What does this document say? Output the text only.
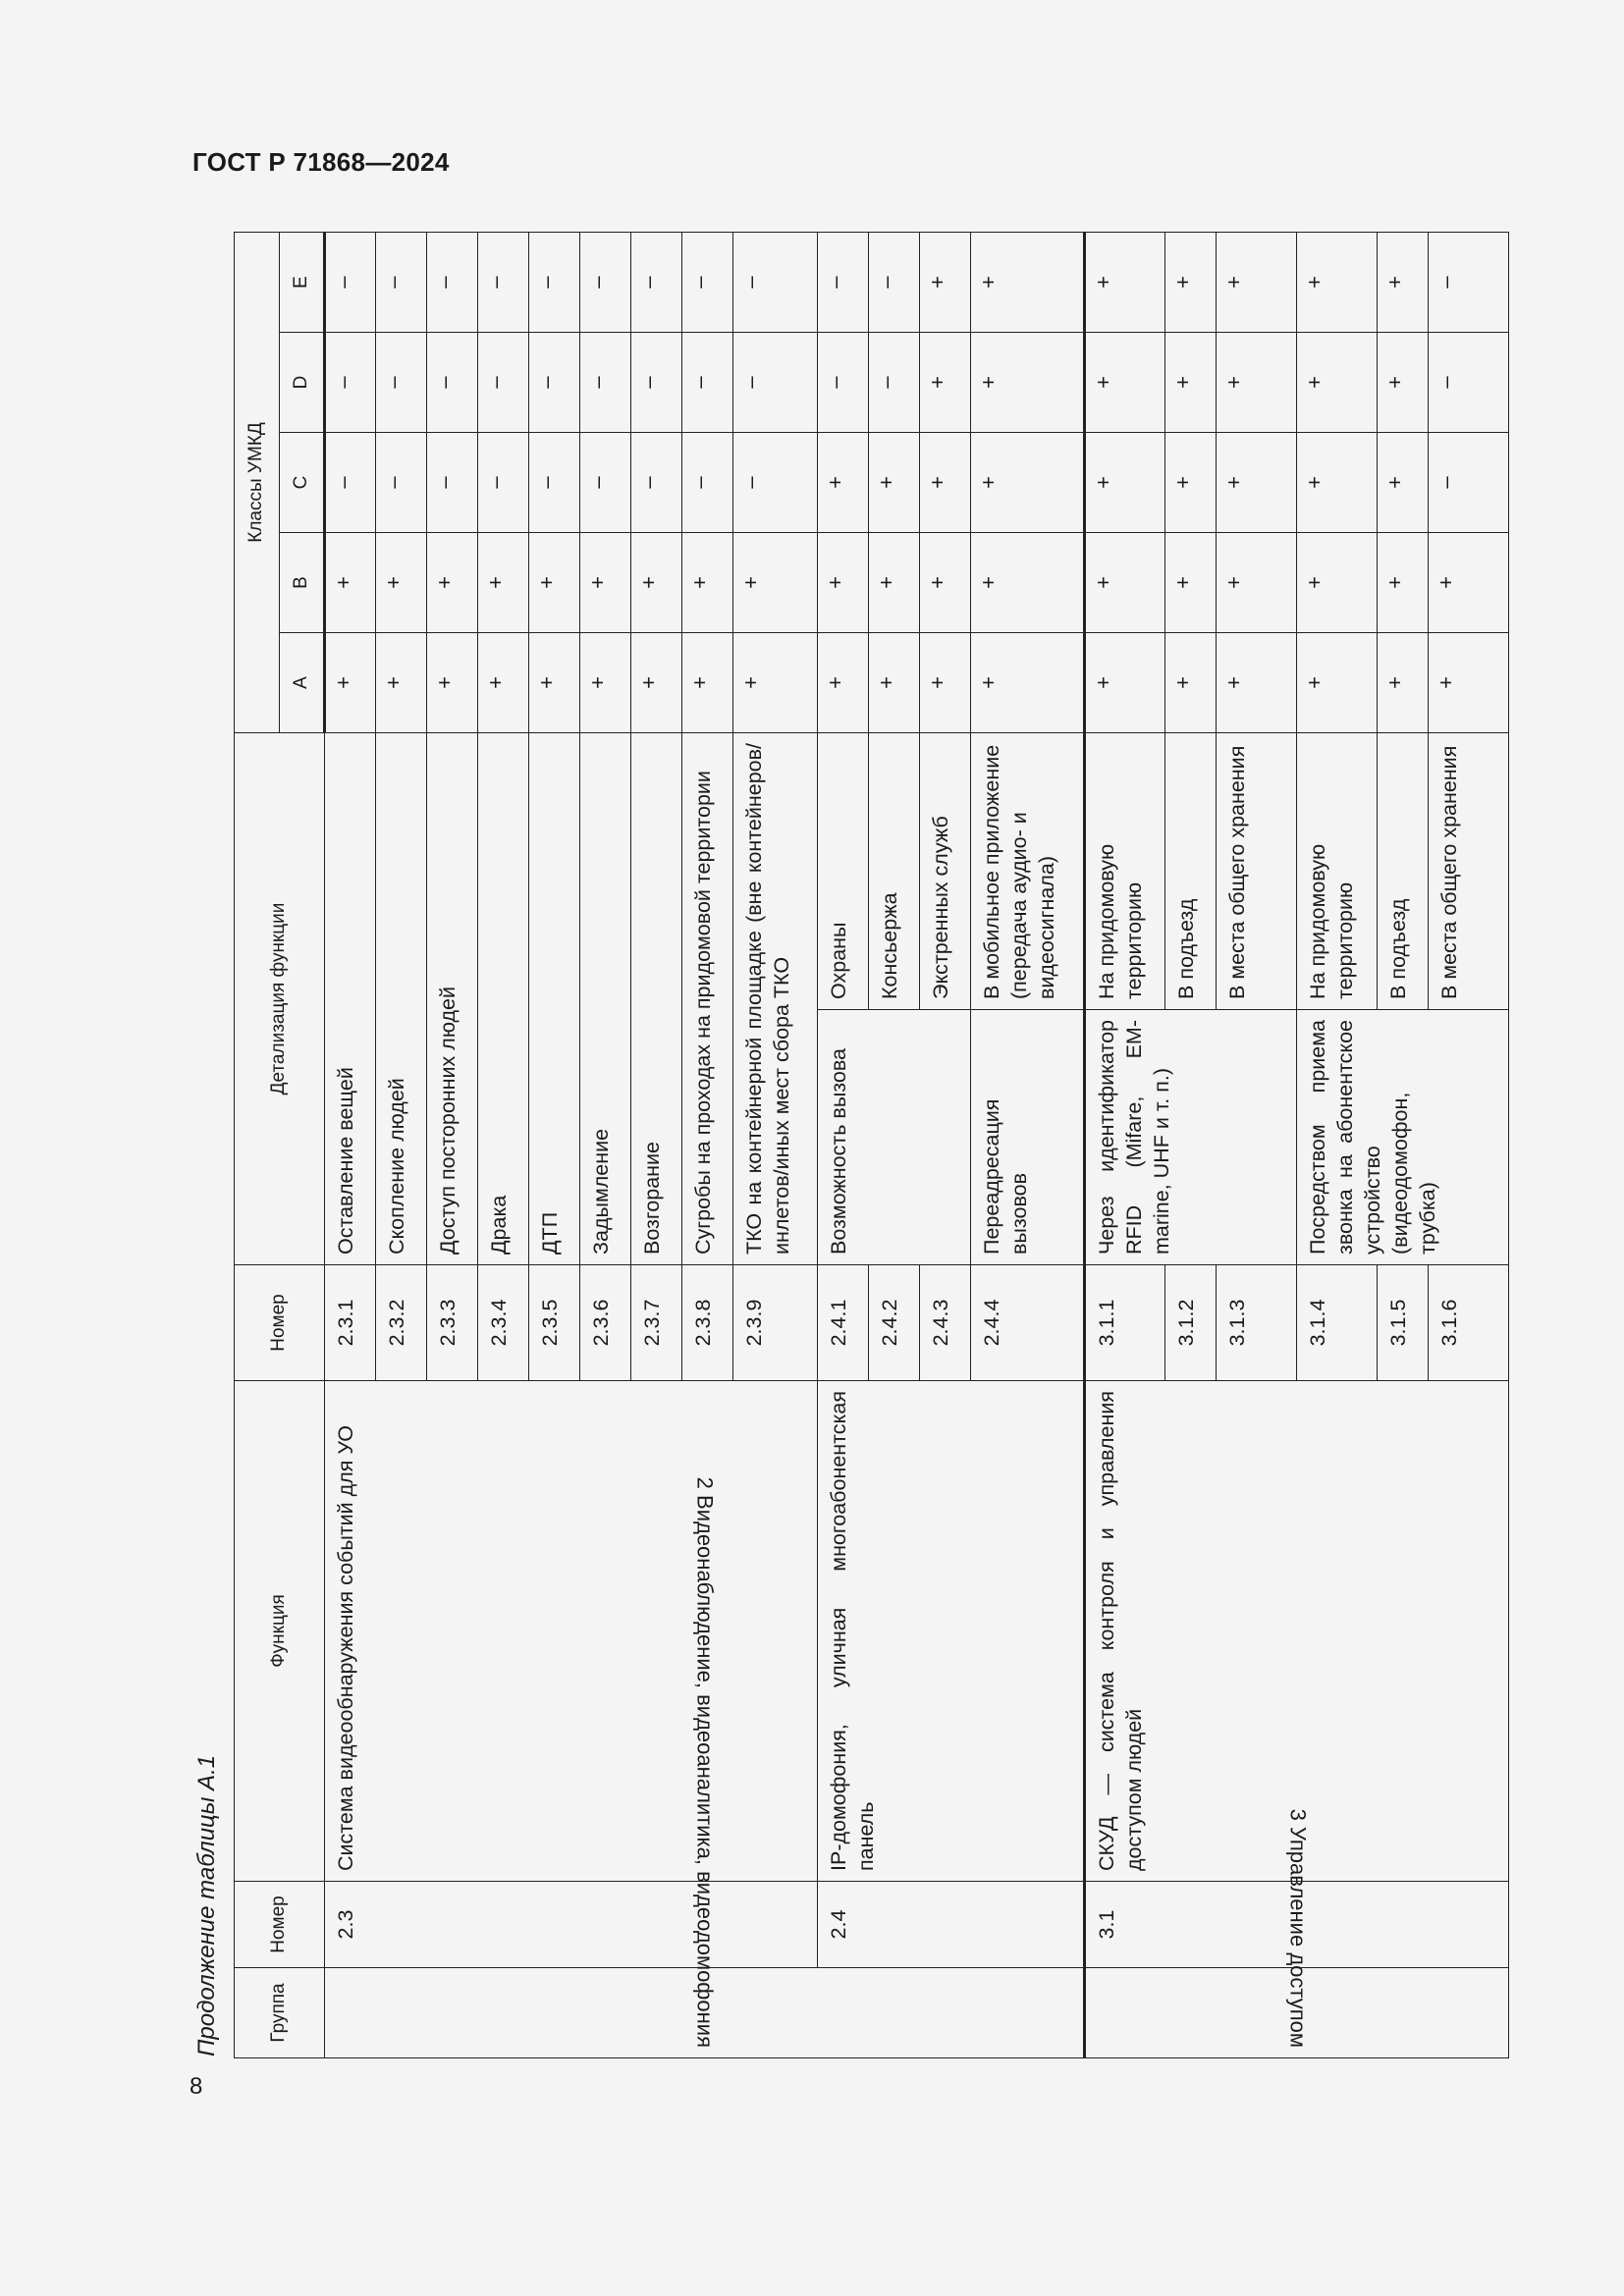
ГОСТ Р 71868—2024
Продолжение таблицы А.1
8
Группа	Номер	Функция	Номер	Детализация функции		Классы УМКД				
						А	В	С	D	Е
2 Видеонаблюдение, видеоаналитика, видеодомофония	2.3	Система видеообнаружения событий для УО	2.3.1	Оставление вещей		+	+	–	–	–
			2.3.2	Скопление людей		+	+	–	–	–
			2.3.3	Доступ посторонних людей		+	+	–	–	–
			2.3.4	Драка		+	+	–	–	–
			2.3.5	ДТП		+	+	–	–	–
			2.3.6	Задымление		+	+	–	–	–
			2.3.7	Возгорание		+	+	–	–	–
			2.3.8	Сугробы на проходах на придомовой территории		+	+	–	–	–
			2.3.9	ТКО на контейнерной площадке (вне контейнеров/инлетов/иных мест сбора ТКО		+	+	–	–	–
	2.4	IP-домофония, уличная многоабонентская панель	2.4.1	Возможность вызова	Охраны	+	+	+	–	–
			2.4.2		Консьержа	+	+	+	–	–
			2.4.3		Экстренных служб	+	+	+	+	+
			2.4.4	Переадресация вызовов	В мобильное приложение (передача аудио- и видеосигнала)	+	+	+	+	+
3 Управление доступом	3.1	СКУД — система контроля и управления доступом людей	3.1.1	Через идентификатор RFID (Mifare, EM-marine, UHF и т. п.)	На придомовую территорию	+	+	+	+	+
			3.1.2		В подъезд	+	+	+	+	+
			3.1.3		В места общего хранения	+	+	+	+	+
			3.1.4	Посредством приема звонка на абонентское устройство (видеодомофон, трубка)	На придомовую территорию	+	+	+	+	+
			3.1.5		В подъезд	+	+	+	+	+
			3.1.6		В места общего хранения	+	+	–	–	–
